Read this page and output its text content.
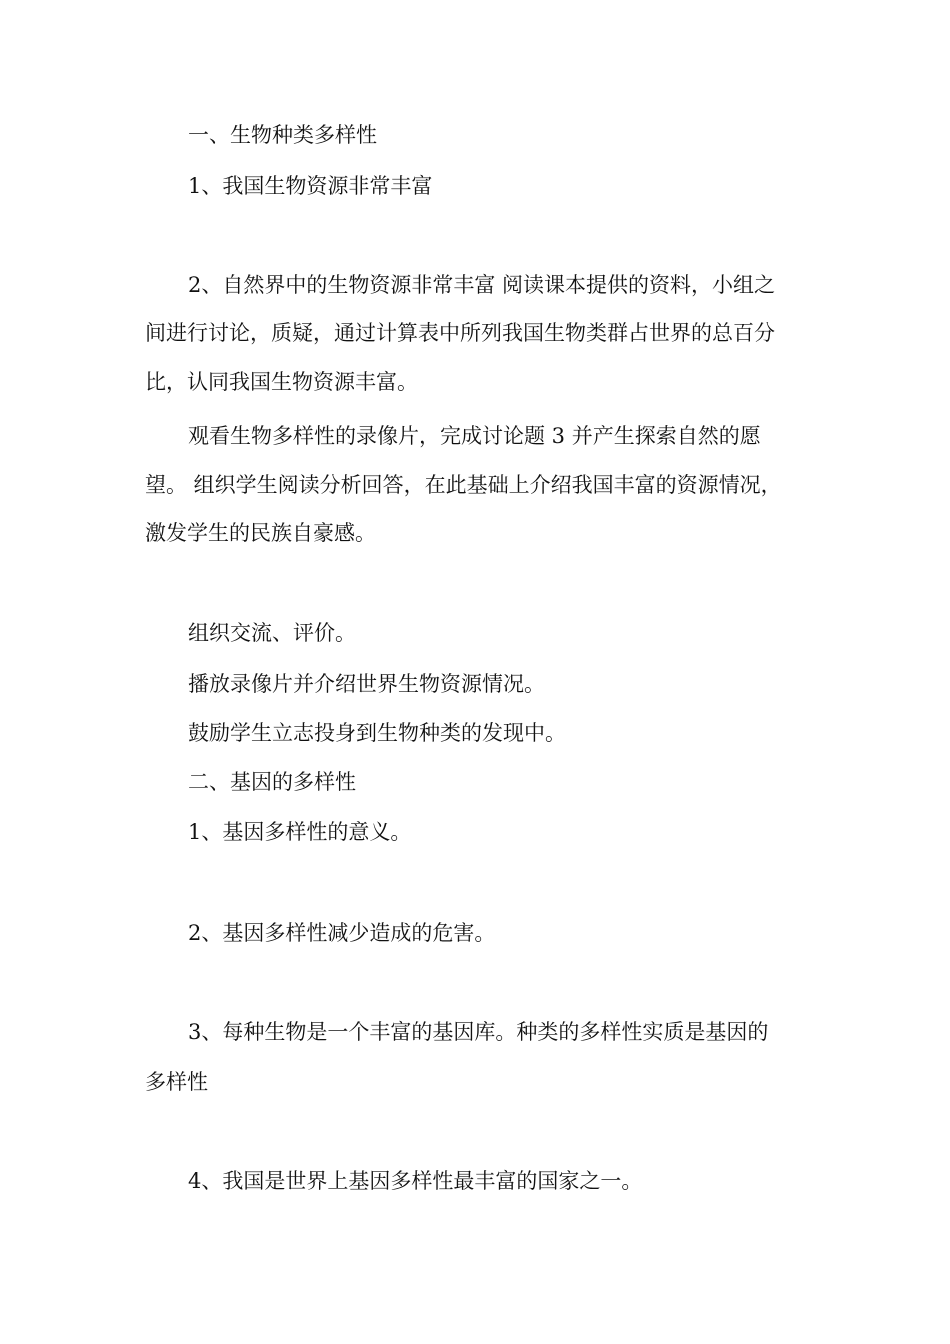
一、生物种类多样性

1、我国生物资源非常丰富

2、自然界中的生物资源非常丰富 阅读课本提供的资料，小组之

间进行讨论，质疑，通过计算表中所列我国生物类群占世界的总百分

比，认同我国生物资源丰富。

观看生物多样性的录像片，完成讨论题 3 并产生探索自然的愿

望。 组织学生阅读分析回答，在此基础上介绍我国丰富的资源情况，

激发学生的民族自豪感。

组织交流、评价。

播放录像片并介绍世界生物资源情况。

鼓励学生立志投身到生物种类的发现中。

二、基因的多样性

1、基因多样性的意义。

2、基因多样性减少造成的危害。

3、每种生物是一个丰富的基因库。种类的多样性实质是基因的

多样性

4、我国是世界上基因多样性最丰富的国家之一。
